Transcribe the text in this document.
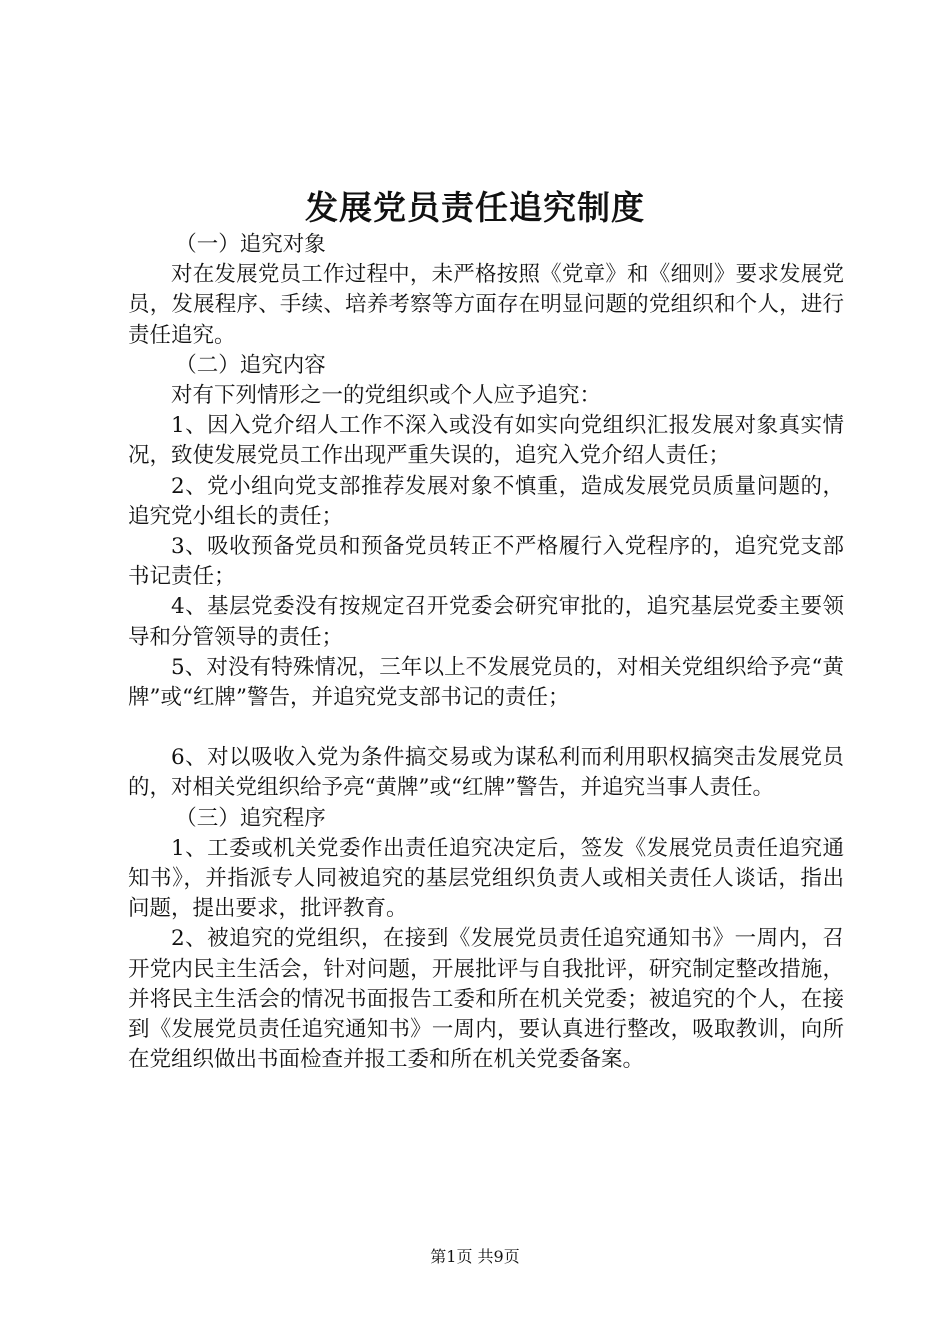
发展党员责任追究制度

（一）追究对象

对在发展党员工作过程中，未严格按照《党章》和《细则》要求发展党员，发展程序、手续、培养考察等方面存在明显问题的党组织和个人，进行责任追究。

（二）追究内容

对有下列情形之一的党组织或个人应予追究：

1、因入党介绍人工作不深入或没有如实向党组织汇报发展对象真实情况，致使发展党员工作出现严重失误的，追究入党介绍人责任；

2、党小组向党支部推荐发展对象不慎重，造成发展党员质量问题的，追究党小组长的责任；

3、吸收预备党员和预备党员转正不严格履行入党程序的，追究党支部书记责任；

4、基层党委没有按规定召开党委会研究审批的，追究基层党委主要领导和分管领导的责任；

5、对没有特殊情况，三年以上不发展党员的，对相关党组织给予亮“黄牌”或“红牌”警告，并追究党支部书记的责任；

6、对以吸收入党为条件搞交易或为谋私利而利用职权搞突击发展党员的，对相关党组织给予亮“黄牌”或“红牌”警告，并追究当事人责任。

（三）追究程序

1、工委或机关党委作出责任追究决定后，签发《发展党员责任追究通知书》，并指派专人同被追究的基层党组织负责人或相关责任人谈话，指出问题，提出要求，批评教育。

2、被追究的党组织，在接到《发展党员责任追究通知书》一周内，召开党内民主生活会，针对问题，开展批评与自我批评，研究制定整改措施，并将民主生活会的情况书面报告工委和所在机关党委；被追究的个人，在接到《发展党员责任追究通知书》一周内，要认真进行整改，吸取教训，向所在党组织做出书面检查并报工委和所在机关党委备案。

第1页 共9页
